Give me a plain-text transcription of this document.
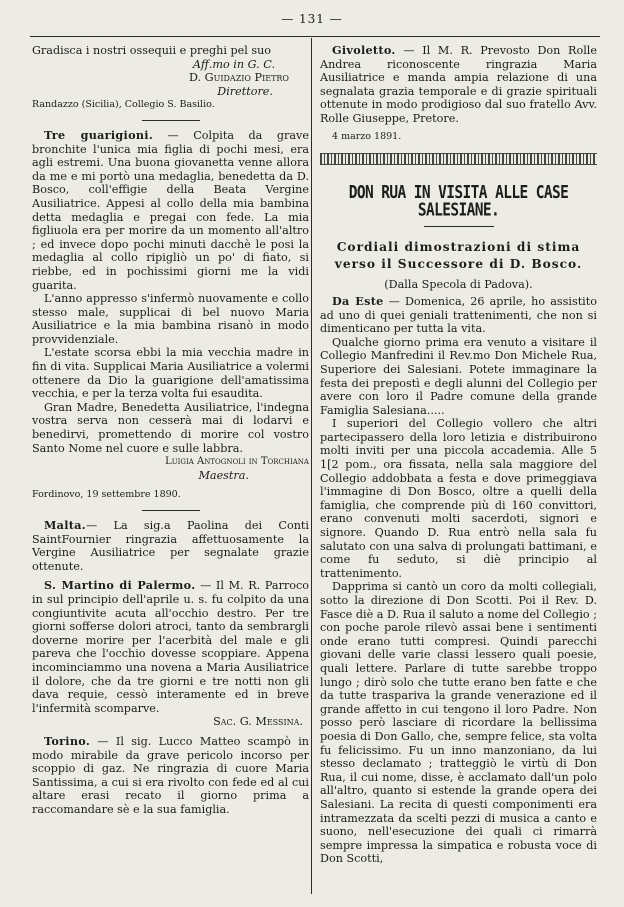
— 131 —

Gradisca i nostri ossequii e preghi pel suo

Aff.mo in G. C.

D. Guidazio Pietro

Direttore.

Randazzo (Sicilia), Collegio S. Basilio.

Tre guarigioni. — Colpita da grave bronchite l'unica mia figlia di pochi mesi, era agli estremi. Una buona giovanetta venne allora da me e mi portò una medaglia, benedetta da D. Bosco, coll'effigie della Beata Vergine Ausiliatrice. Appesi al collo della mia bambina detta medaglia e pregai con fede. La mia figliuola era per morire da un momento all'altro ; ed invece dopo pochi minuti dacchè le posi la medaglia al collo ripigliò un po' di fiato, si riebbe, ed in pochissimi giorni me la vidi guarita.

L'anno appresso s'infermò nuovamente e collo stesso male, supplicai di bel nuovo Maria Ausiliatrice e la mia bambina risanò in modo provvidenziale.

L'estate scorsa ebbi la mia vecchia madre in fin di vita. Supplicai Maria Ausiliatrice a volermi ottenere da Dio la guarigione dell'amatissima vecchia, e per la terza volta fui esaudita.

Gran Madre, Benedetta Ausiliatrice, l'indegna vostra serva non cesserà mai di lodarvi e benedirvi, promettendo di morire col vostro Santo Nome nel cuore e sulle labbra.

Luigia Antognoli in Torchiana

Maestra.

Fordinovo, 19 settembre 1890.

Malta.— La sig.a Paolina dei Conti SaintFournier ringrazia affettuosamente la Vergine Ausiliatrice per segnalate grazie ottenute.

S. Martino di Palermo. — Il M. R. Parroco in sul principio dell'aprile u. s. fu colpito da una congiuntivite acuta all'occhio destro. Per tre giorni sofferse dolori atroci, tanto da sembrargli doverne morire per l'acerbità del male e gli pareva che l'occhio dovesse scoppiare. Appena incominciammo una novena a Maria Ausiliatrice il dolore, che da tre giorni e tre notti non gli dava requie, cessò interamente ed in breve l'infermità scomparve.

Sac. G. Messina.

Torino. — Il sig. Lucco Matteo scampò in modo mirabile da grave pericolo incorso per scoppio di gaz. Ne ringrazia di cuore Maria Santissima, a cui si era rivolto con fede ed al cui altare erasi recato il giorno prima a raccomandare sè e la sua famiglia.

Givoletto. — Il M. R. Prevosto Don Rolle Andrea riconoscente ringrazia Maria Ausiliatrice e manda ampia relazione di una segnalata grazia temporale e di grazie spirituali ottenute in modo prodigioso dal suo fratello Avv. Rolle Giuseppe, Pretore.

4 marzo 1891.

DON RUA IN VISITA ALLE CASE SALESIANE.

Cordiali dimostrazioni di stima

verso il Successore di D. Bosco.

(Dalla Specola di Padova).

Da Este — Domenica, 26 aprile, ho assistito ad uno di quei geniali trattenimenti, che non si dimenticano per tutta la vita.

Qualche giorno prima era venuto a visitare il Collegio Manfredini il Rev.mo Don Michele Rua, Superiore dei Salesiani. Potete immaginare la festa dei prepostì e degli alunni del Collegio per avere con loro il Padre comune della grande Famiglia Salesiana.....

I superiori del Collegio vollero che altri partecipassero della loro letizia e distribuirono molti inviti per una piccola accademia. Alle 5 1[2 pom., ora fissata, nella sala maggiore del Collegio addobbata a festa e dove primeggiava l'immagine di Don Bosco, oltre a quelli della famiglia, che comprende più di 160 convittori, erano convenuti molti sacerdoti, signori e signore. Quando D. Rua entrò nella sala fu salutato con una salva di prolungati battimani, e come fu seduto, si diè principio al trattenimento.

Dapprima si cantò un coro da molti collegiali, sotto la direzione di Don Scotti. Poi il Rev. D. Fasce diè a D. Rua il saluto a nome del Collegio ; con poche parole rilevò assai bene i sentimenti onde erano tutti compresi. Quindi parecchi giovani delle varie classi lessero quali poesie, quali lettere. Parlare di tutte sarebbe troppo lungo ; dirò solo che tutte erano ben fatte e che da tutte traspariva la grande venerazione ed il grande affetto in cui tengono il loro Padre. Non posso però lasciare di ricordare la bellissima poesia di Don Gallo, che, sempre felice, sta volta fu felicissimo. Fu un inno manzoniano, da lui stesso declamato ; tratteggiò le virtù di Don Rua, il cui nome, disse, è acclamato dall'un polo all'altro, quanto si estende la grande opera dei Salesiani. La recita di questi componimenti era intramezzata da scelti pezzi di musica a canto e suono, nell'esecuzione dei quali ci rimarrà sempre impressa la simpatica e robusta voce di Don Scotti,
